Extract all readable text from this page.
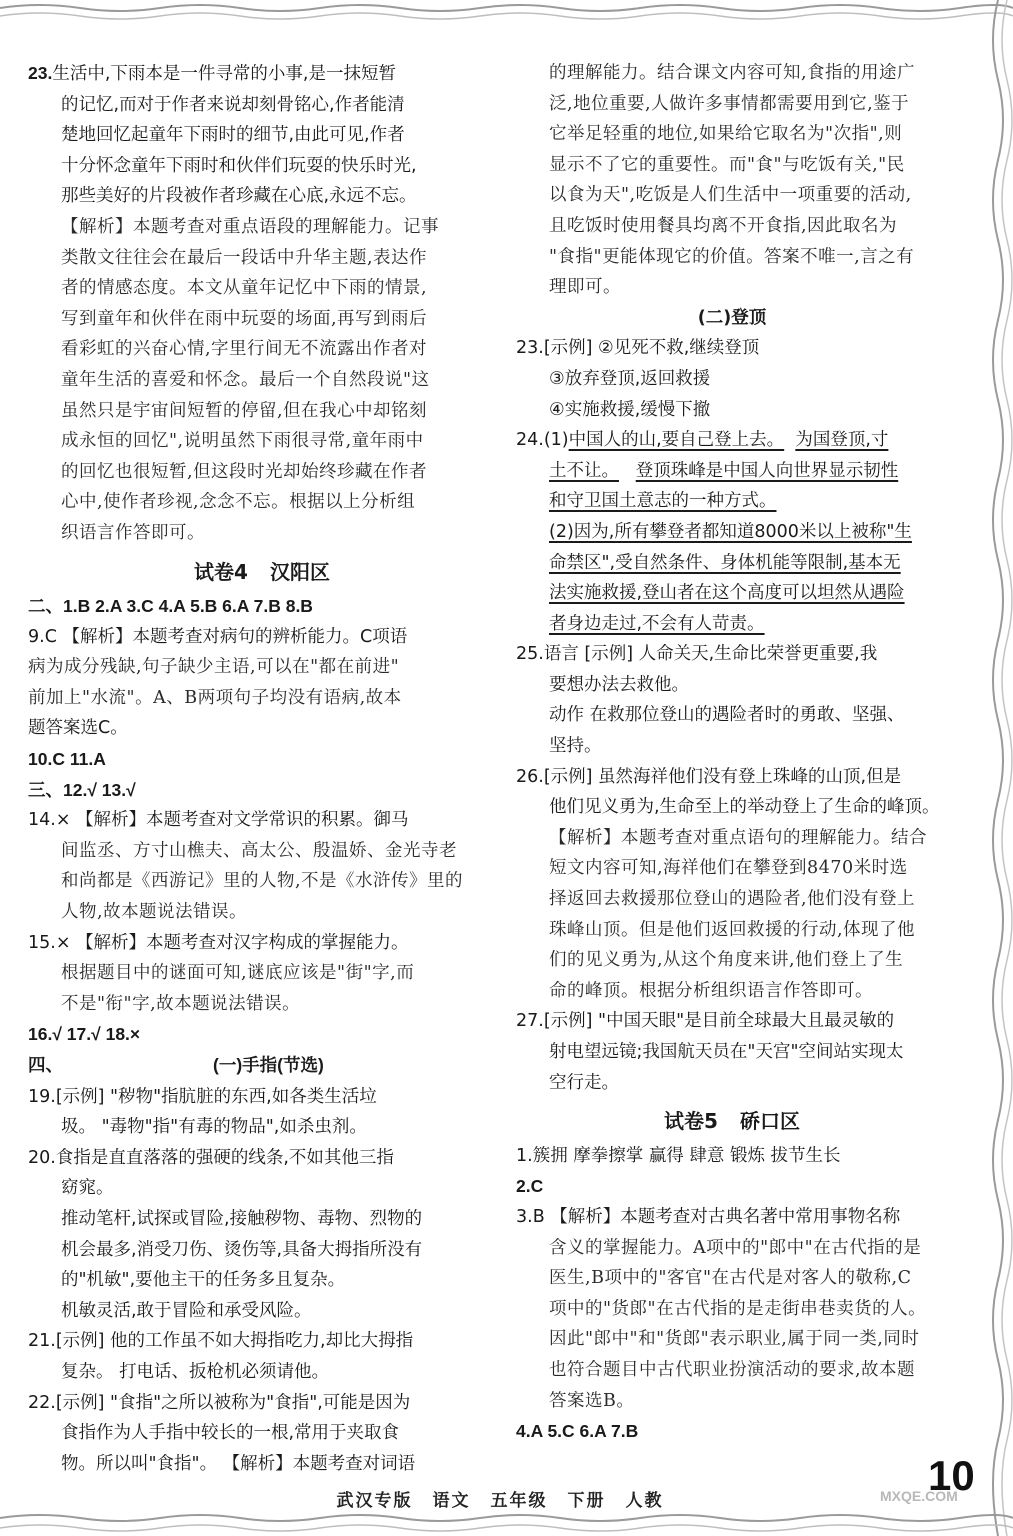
23.生活中,下雨本是一件寻常的小事,是一抹短暂

的记忆,而对于作者来说却刻骨铭心,作者能清

楚地回忆起童年下雨时的细节,由此可见,作者

十分怀念童年下雨时和伙伴们玩耍的快乐时光,

那些美好的片段被作者珍藏在心底,永远不忘。

【解析】本题考查对重点语段的理解能力。记事

类散文往往会在最后一段话中升华主题,表达作

者的情感态度。本文从童年记忆中下雨的情景,

写到童年和伙伴在雨中玩耍的场面,再写到雨后

看彩虹的兴奋心情,字里行间无不流露出作者对

童年生活的喜爱和怀念。最后一个自然段说"这

虽然只是宇宙间短暂的停留,但在我心中却铭刻

成永恒的回忆",说明虽然下雨很寻常,童年雨中

的回忆也很短暂,但这段时光却始终珍藏在作者

心中,使作者珍视,念念不忘。根据以上分析组

织语言作答即可。

试卷4 汉阳区

二、1.B 2.A 3.C 4.A 5.B 6.A 7.B 8.B

9.C 【解析】本题考查对病句的辨析能力。C项语

病为成分残缺,句子缺少主语,可以在"都在前进"

前加上"水流"。A、B两项句子均没有语病,故本

题答案选C。

10.C 11.A

三、12.√ 13.√

14.× 【解析】本题考查对文学常识的积累。御马

间监丞、方寸山樵夫、高太公、殷温娇、金光寺老

和尚都是《西游记》里的人物,不是《水浒传》里的

人物,故本题说法错误。

15.× 【解析】本题考查对汉字构成的掌握能力。

根据题目中的谜面可知,谜底应该是"街"字,而

不是"衔"字,故本题说法错误。

16.√ 17.√ 18.×

四、	(一)手指(节选)

19.[示例] "秽物"指肮脏的东西,如各类生活垃

圾。 "毒物"指"有毒的物品",如杀虫剂。

20.食指是直直落落的强硬的线条,不如其他三指

窈窕。

推动笔杆,试探或冒险,接触秽物、毒物、烈物的

机会最多,消受刀伤、烫伤等,具备大拇指所没有

的"机敏",要他主干的任务多且复杂。

机敏灵活,敢于冒险和承受风险。

21.[示例] 他的工作虽不如大拇指吃力,却比大拇指

复杂。 打电话、扳枪机必须请他。

22.[示例] "食指"之所以被称为"食指",可能是因为

食指作为人手指中较长的一根,常用于夹取食

物。所以叫"食指"。 【解析】本题考查对词语

的理解能力。结合课文内容可知,食指的用途广

泛,地位重要,人做许多事情都需要用到它,鉴于

它举足轻重的地位,如果给它取名为"次指",则

显示不了它的重要性。而"食"与吃饭有关,"民

以食为天",吃饭是人们生活中一项重要的活动,

且吃饭时使用餐具均离不开食指,因此取名为

"食指"更能体现它的价值。答案不唯一,言之有

理即可。

(二)登顶

23.[示例] ②见死不救,继续登顶

③放弃登顶,返回救援

④实施救援,缓慢下撤

24.(1)中国人的山,要自己登上去。 为国登顶,寸

土不让。 登顶珠峰是中国人向世界显示韧性

和守卫国土意志的一种方式。

(2)因为,所有攀登者都知道8000米以上被称"生

命禁区",受自然条件、身体机能等限制,基本无

法实施救援,登山者在这个高度可以坦然从遇险

者身边走过,不会有人苛责。

25.语言 [示例] 人命关天,生命比荣誉更重要,我

要想办法去救他。

动作 在救那位登山的遇险者时的勇敢、坚强、

坚持。

26.[示例] 虽然海祥他们没有登上珠峰的山顶,但是

他们见义勇为,生命至上的举动登上了生命的峰顶。

【解析】本题考查对重点语句的理解能力。结合

短文内容可知,海祥他们在攀登到8470米时选

择返回去救援那位登山的遇险者,他们没有登上

珠峰山顶。但是他们返回救援的行动,体现了他

们的见义勇为,从这个角度来讲,他们登上了生

命的峰顶。根据分析组织语言作答即可。

27.[示例] "中国天眼"是目前全球最大且最灵敏的

射电望远镜;我国航天员在"天宫"空间站实现太

空行走。

试卷5 硚口区

1.簇拥 摩拳擦掌 赢得 肆意 锻炼 拔节生长

2.C

3.B 【解析】本题考查对古典名著中常用事物名称

含义的掌握能力。A项中的"郎中"在古代指的是

医生,B项中的"客官"在古代是对客人的敬称,C

项中的"货郎"在古代指的是走街串巷卖货的人。

因此"郎中"和"货郎"表示职业,属于同一类,同时

也符合题目中古代职业扮演活动的要求,故本题

答案选B。

4.A 5.C 6.A 7.B

武汉专版 语文 五年级 下册 人教
10
MXQE.COM
